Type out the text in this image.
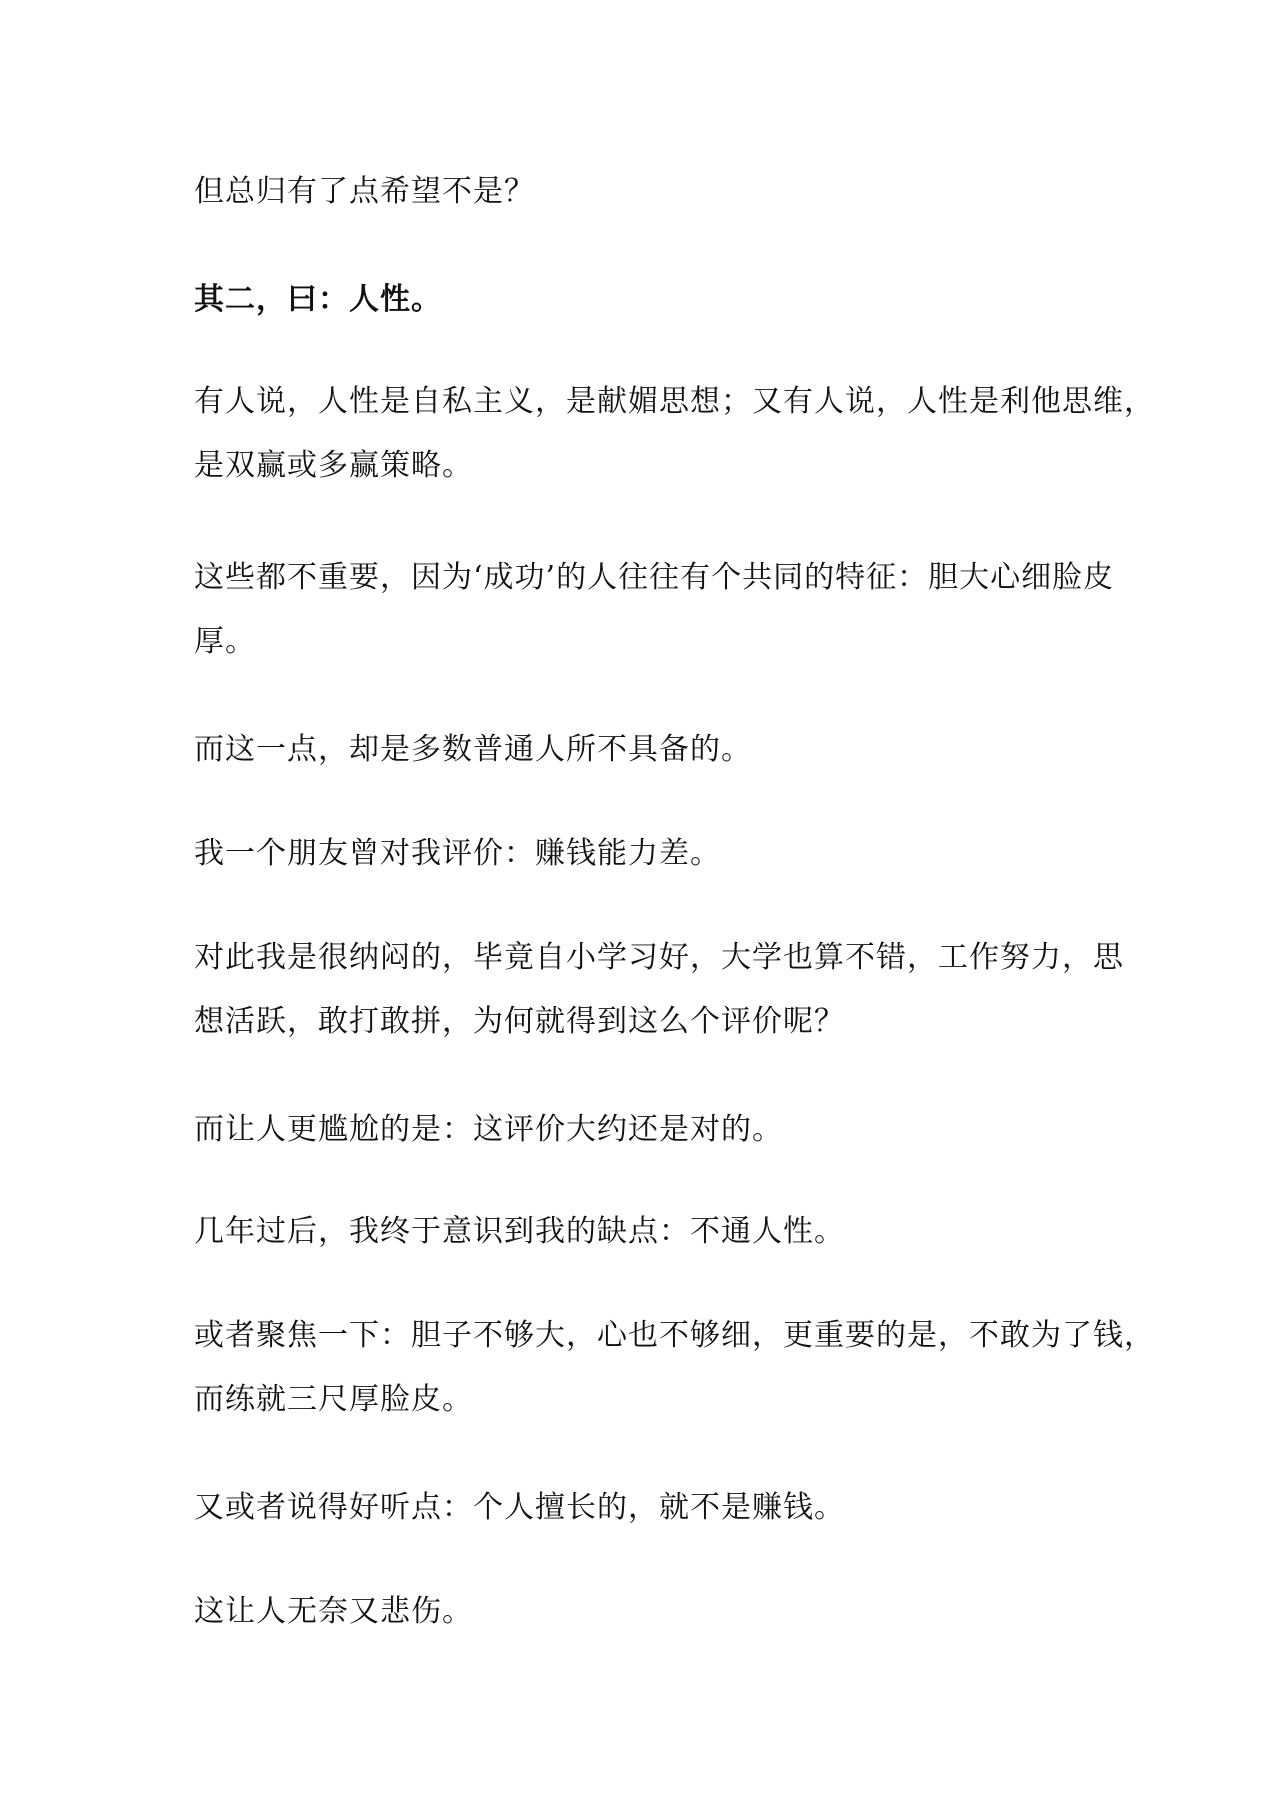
但总归有了点希望不是？

其二，曰：人性。

有人说，人性是自私主义，是献媚思想；又有人说，人性是利他思维，
是双赢或多赢策略。

这些都不重要，因为‘成功’的人往往有个共同的特征：胆大心细脸皮
厚。

而这一点，却是多数普通人所不具备的。

我一个朋友曾对我评价：赚钱能力差。

对此我是很纳闷的，毕竟自小学习好，大学也算不错，工作努力，思
想活跃，敢打敢拼，为何就得到这么个评价呢？

而让人更尴尬的是：这评价大约还是对的。

几年过后，我终于意识到我的缺点：不通人性。

或者聚焦一下：胆子不够大，心也不够细，更重要的是，不敢为了钱，
而练就三尺厚脸皮。

又或者说得好听点：个人擅长的，就不是赚钱。

这让人无奈又悲伤。
